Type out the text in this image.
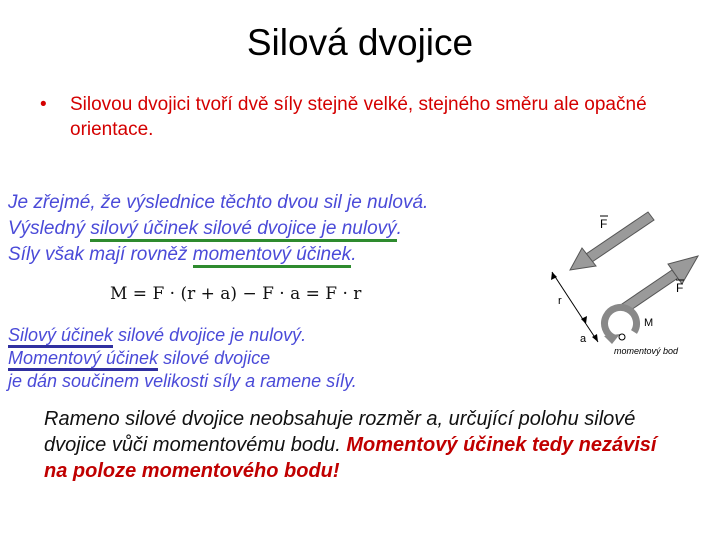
Silová dvojice
• Silovou dvojici tvoří dvě síly stejně velké, stejného směru ale opačné orientace.
Je zřejmé, že výslednice těchto dvou sil je nulová.
Výsledný silový účinek silové dvojice je nulový.
Síly však mají rovněž momentový účinek.
M = F · (r + a) − F · a = F · r
Silový účinek silové dvojice je nulový.
Momentový účinek silové dvojice
je dán součinem velikosti síly a ramene síly.
F
F
r
a
M
momentový bod
Rameno silové dvojice neobsahuje rozměr a, určující polohu silové dvojice vůči momentovému bodu. Momentový účinek tedy nezávisí na poloze momentového bodu!
